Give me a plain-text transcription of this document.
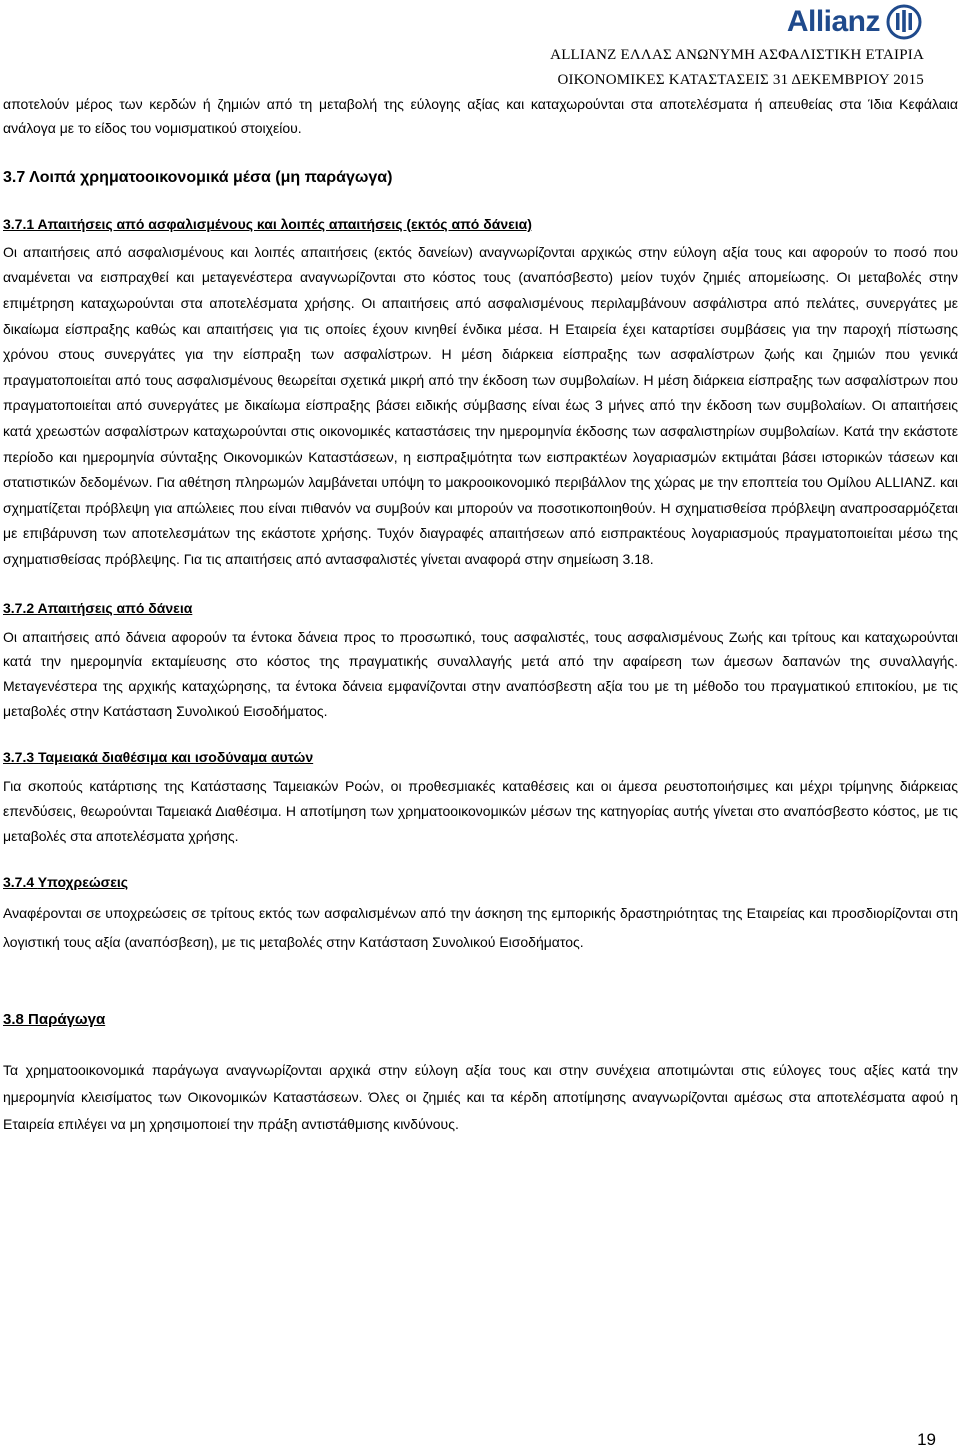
Allianz
ALLIANZ ΕΛΛΑΣ ΑΝΩΝΥΜΗ ΑΣΦΑΛΙΣΤΙΚΗ ΕΤΑΙΡΙΑ
ΟΙΚΟΝΟΜΙΚΕΣ ΚΑΤΑΣΤΑΣΕΙΣ 31 ΔΕΚΕΜΒΡΙΟΥ 2015

αποτελούν μέρος των κερδών ή ζημιών από τη μεταβολή της εύλογης αξίας και καταχωρούνται στα αποτελέσματα ή απευθείας στα Ίδια Κεφάλαια ανάλογα με το είδος του νομισματικού στοιχείου.

3.7 Λοιπά χρηματοοικονομικά μέσα (μη παράγωγα)
3.7.1 Απαιτήσεις από ασφαλισμένους και λοιπές απαιτήσεις (εκτός από δάνεια)

Οι απαιτήσεις από ασφαλισμένους και λοιπές απαιτήσεις (εκτός δανείων) αναγνωρίζονται αρχικώς στην εύλογη αξία τους και αφορούν το ποσό που αναμένεται να εισπραχθεί και μεταγενέστερα αναγνωρίζονται στο κόστος τους (αναπόσβεστο) μείον τυχόν ζημιές απομείωσης. Οι μεταβολές στην επιμέτρηση καταχωρούνται στα αποτελέσματα χρήσης. Οι απαιτήσεις από ασφαλισμένους περιλαμβάνουν ασφάλιστρα από πελάτες, συνεργάτες με δικαίωμα είσπραξης καθώς και απαιτήσεις για τις οποίες έχουν κινηθεί ένδικα μέσα. Η Εταιρεία έχει καταρτίσει συμβάσεις για την παροχή πίστωσης χρόνου στους συνεργάτες για την είσπραξη των ασφαλίστρων. Η μέση διάρκεια είσπραξης των ασφαλίστρων ζωής και ζημιών που γενικά πραγματοποιείται από τους ασφαλισμένους θεωρείται σχετικά μικρή από την έκδοση των συμβολαίων. Η μέση διάρκεια είσπραξης των ασφαλίστρων που πραγματοποιείται από συνεργάτες με δικαίωμα είσπραξης βάσει ειδικής σύμβασης είναι έως 3 μήνες από την έκδοση των συμβολαίων. Οι απαιτήσεις κατά χρεωστών ασφαλίστρων καταχωρούνται στις οικονομικές καταστάσεις την ημερομηνία έκδοσης των ασφαλιστηρίων συμβολαίων. Κατά την εκάστοτε περίοδο και ημερομηνία σύνταξης Οικονομικών Καταστάσεων, η εισπραξιμότητα των εισπρακτέων λογαριασμών εκτιμάται βάσει ιστορικών τάσεων και στατιστικών δεδομένων. Για αθέτηση πληρωμών λαμβάνεται υπόψη το μακροοικονομικό περιβάλλον της χώρας με την εποπτεία του Ομίλου ALLIANZ. και σχηματίζεται πρόβλεψη για απώλειες που είναι πιθανόν να συμβούν και μπορούν να ποσοτικοποιηθούν. Η σχηματισθείσα πρόβλεψη αναπροσαρμόζεται με επιβάρυνση των αποτελεσμάτων της εκάστοτε χρήσης. Τυχόν διαγραφές απαιτήσεων από εισπρακτέους λογαριασμούς πραγματοποιείται μέσω της σχηματισθείσας πρόβλεψης. Για τις απαιτήσεις από αντασφαλιστές γίνεται αναφορά στην σημείωση 3.18.

3.7.2 Απαιτήσεις από δάνεια

Οι απαιτήσεις από δάνεια αφορούν τα έντοκα δάνεια προς το προσωπικό, τους ασφαλιστές, τους ασφαλισμένους Ζωής και τρίτους και καταχωρούνται κατά την ημερομηνία εκταμίευσης στο κόστος της πραγματικής συναλλαγής μετά από την αφαίρεση των άμεσων δαπανών της συναλλαγής. Μεταγενέστερα της αρχικής καταχώρησης, τα έντοκα δάνεια εμφανίζονται στην αναπόσβεστη αξία του με τη μέθοδο του πραγματικού επιτοκίου, με τις μεταβολές στην Κατάσταση Συνολικού Εισοδήματος.

3.7.3 Ταμειακά διαθέσιμα και ισοδύναμα αυτών

Για σκοπούς κατάρτισης της Κατάστασης Ταμειακών Ροών, οι προθεσμιακές καταθέσεις και οι άμεσα ρευστοποιήσιμες και μέχρι τρίμηνης διάρκειας επενδύσεις, θεωρούνται Ταμειακά Διαθέσιμα. Η αποτίμηση των χρηματοοικονομικών μέσων της κατηγορίας αυτής γίνεται στο αναπόσβεστο κόστος, με τις μεταβολές στα αποτελέσματα χρήσης.

3.7.4 Υποχρεώσεις

Αναφέρονται σε υποχρεώσεις σε τρίτους εκτός των ασφαλισμένων από την άσκηση της εμπορικής δραστηριότητας της Εταιρείας και προσδιορίζονται στη λογιστική τους αξία (αναπόσβεση), με τις μεταβολές στην Κατάσταση Συνολικού Εισοδήματος.

3.8 Παράγωγα

Τα χρηματοοικονομικά παράγωγα αναγνωρίζονται αρχικά στην εύλογη αξία τους και στην συνέχεια αποτιμώνται στις εύλογες τους αξίες κατά την ημερομηνία κλεισίματος των Οικονομικών Καταστάσεων. Όλες οι ζημιές και τα κέρδη αποτίμησης αναγνωρίζονται αμέσως στα αποτελέσματα αφού η Εταιρεία επιλέγει να μη χρησιμοποιεί την πράξη αντιστάθμισης κινδύνους.

19
